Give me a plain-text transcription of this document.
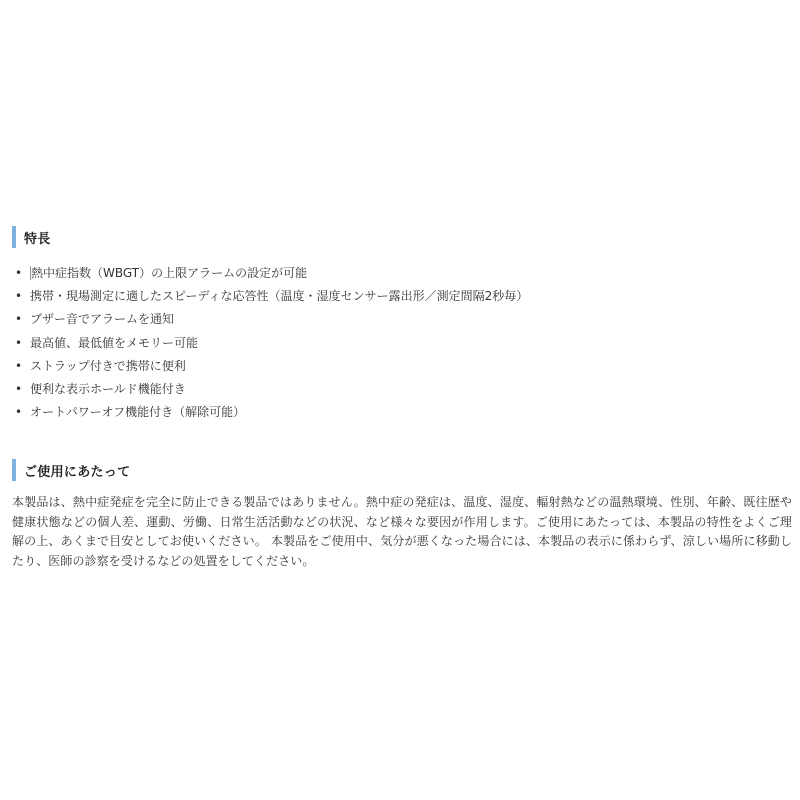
特長
• 熱中症指数（WBGT）の上限アラームの設定が可能
• 携帯・現場測定に適したスピーディな応答性（温度・湿度センサー露出形／測定間隔2秒毎）
• ブザー音でアラームを通知
• 最高値、最低値をメモリー可能
• ストラップ付きで携帯に便利
• 便利な表示ホールド機能付き
• オートパワーオフ機能付き（解除可能）
ご使用にあたって

本製品は、熱中症発症を完全に防止できる製品ではありません。熱中症の発症は、温度、湿度、輻射熱などの温熱環境、性別、年齢、既往歴や健康状態などの個人差、運動、労働、日常生活活動などの状況、など様々な要因が作用します。ご使用にあたっては、本製品の特性をよくご理解の上、あくまで目安としてお使いください。 本製品をご使用中、気分が悪くなった場合には、本製品の表示に係わらず、涼しい場所に移動したり、医師の診察を受けるなどの処置をしてください。
